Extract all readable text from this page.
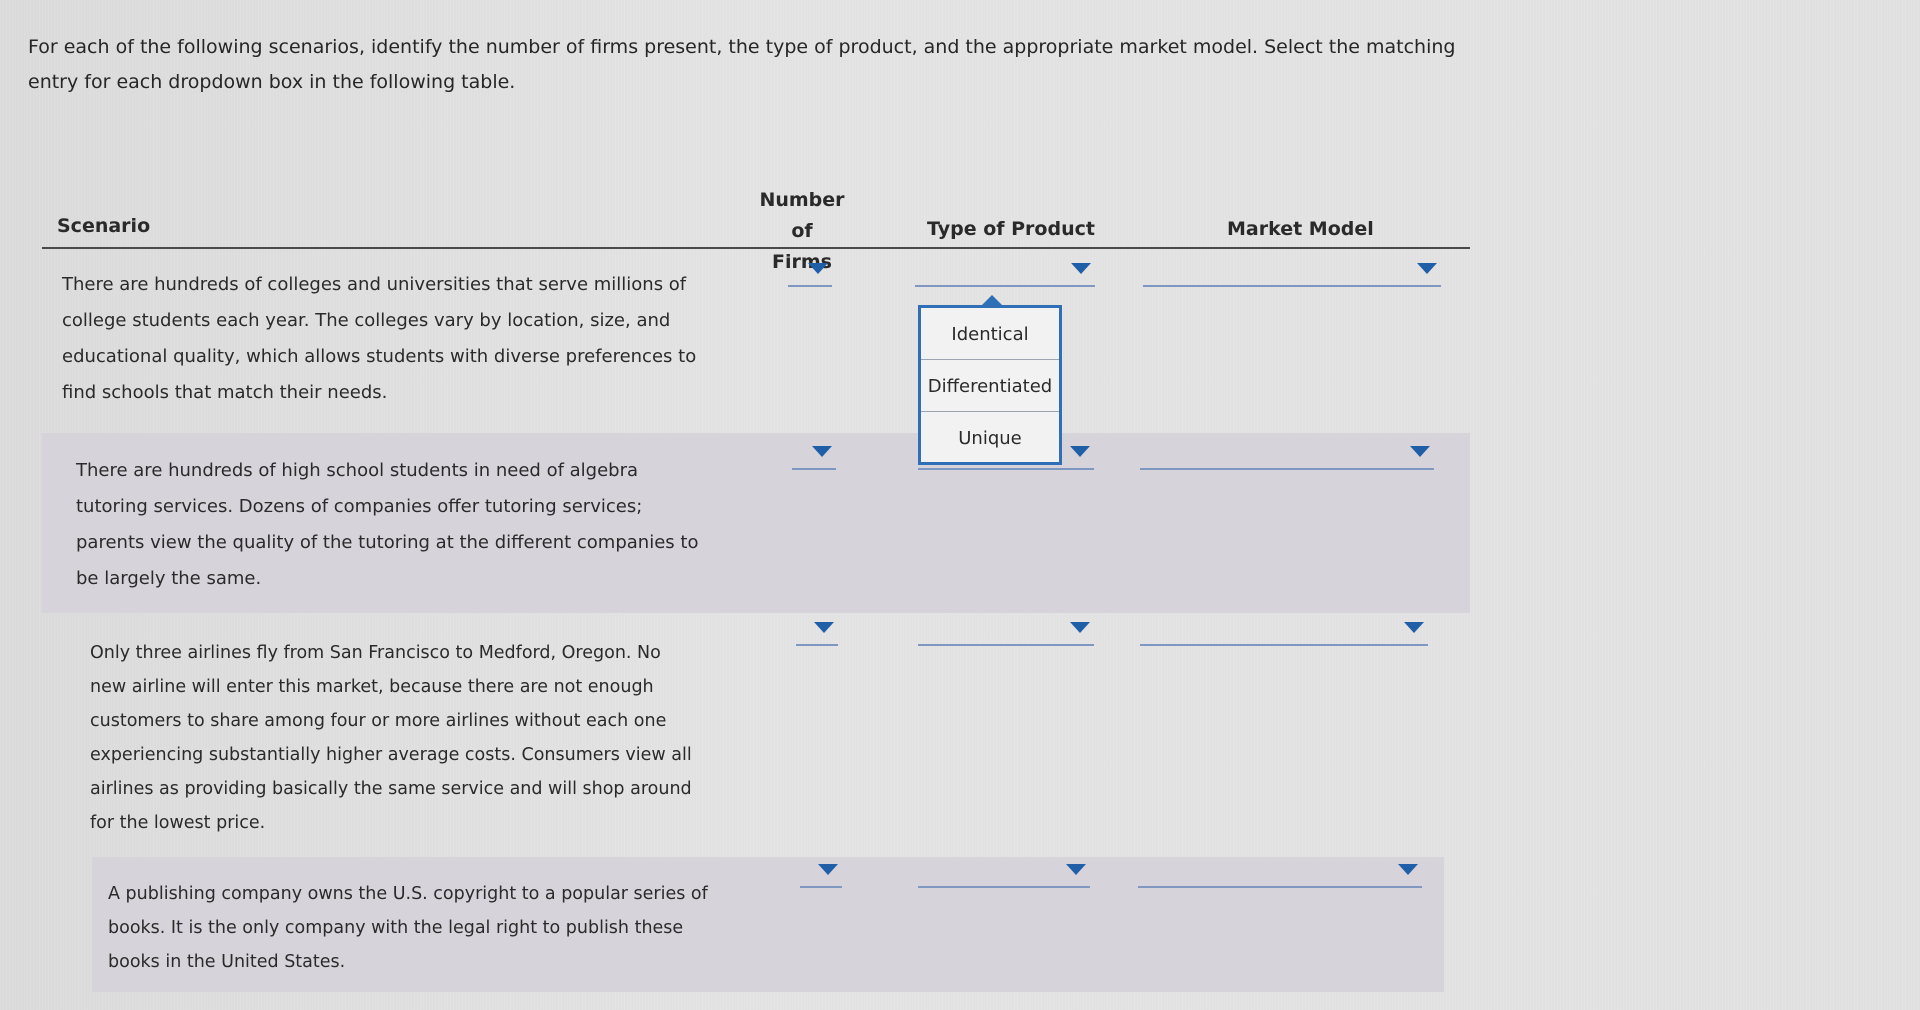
For each of the following scenarios, identify the number of firms present, the type of product, and the appropriate market model. Select the matching entry for each dropdown box in the following table.
Scenario
Number of
Firms
Type of Product	Market Model
There are hundreds of colleges and universities that serve millions of
college students each year. The colleges vary by location, size, and
educational quality, which allows students with diverse preferences to
find schools that match their needs.
There are hundreds of high school students in need of algebra
tutoring services. Dozens of companies offer tutoring services;
parents view the quality of the tutoring at the different companies to
be largely the same.
Only three airlines fly from San Francisco to Medford, Oregon. No
new airline will enter this market, because there are not enough
customers to share among four or more airlines without each one
experiencing substantially higher average costs. Consumers view all
airlines as providing basically the same service and will shop around
for the lowest price.
A publishing company owns the U.S. copyright to a popular series of
books. It is the only company with the legal right to publish these
books in the United States.
Identical
Differentiated
Unique
